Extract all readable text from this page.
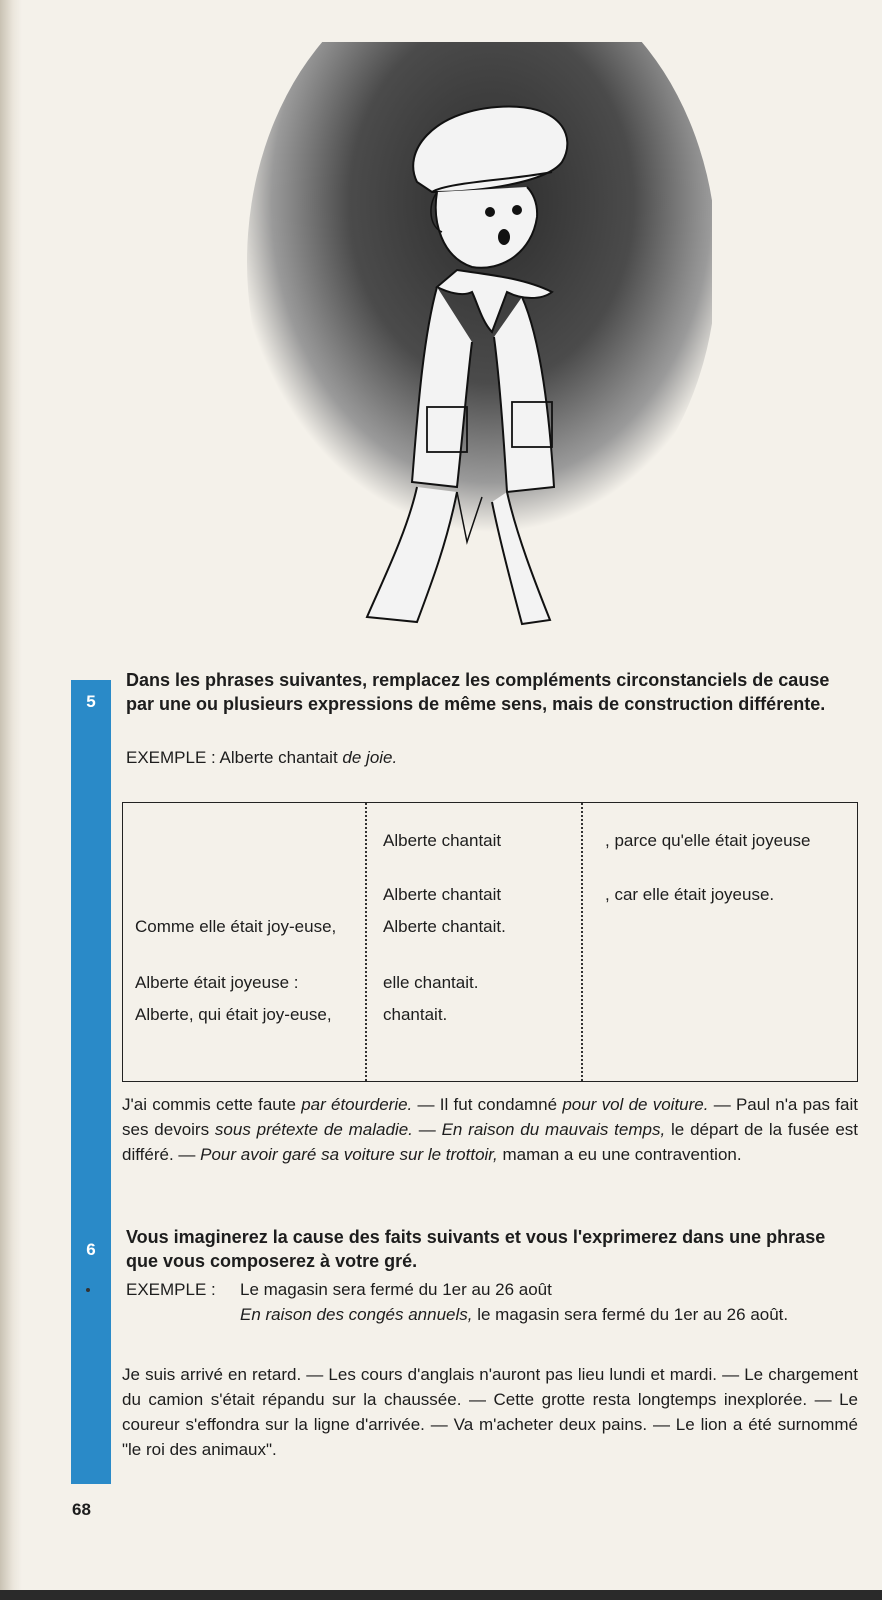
5
Dans les phrases suivantes, remplacez les compléments circonstanciels de cause par une ou plusieurs expressions de même sens, mais de construction différente.
EXEMPLE : Alberte chantait de joie.
Alberte chantait
Alberte chantait
Alberte chantait.
elle chantait.
chantait.
, parce qu'elle était joyeuse
, car elle était joyeuse.
Comme elle était joy-euse,
Alberte était joyeuse :
Alberte, qui était joy-euse,
J'ai commis cette faute par étourderie. — Il fut condamné pour vol de voiture. — Paul n'a pas fait ses devoirs sous prétexte de maladie. — En raison du mauvais temps, le départ de la fusée est différé. — Pour avoir garé sa voiture sur le trottoir, maman a eu une contravention.
6
Vous imaginerez la cause des faits suivants et vous l'exprimerez dans une phrase que vous composerez à votre gré.
EXEMPLE : Le magasin sera fermé du 1er au 26 août
En raison des congés annuels, le magasin sera fermé du 1er au 26 août.
Je suis arrivé en retard. — Les cours d'anglais n'auront pas lieu lundi et mardi. — Le chargement du camion s'était répandu sur la chaussée. — Cette grotte resta longtemps inexplorée. — Le coureur s'effondra sur la ligne d'arrivée. — Va m'acheter deux pains. — Le lion a été surnommé "le roi des animaux".
68
